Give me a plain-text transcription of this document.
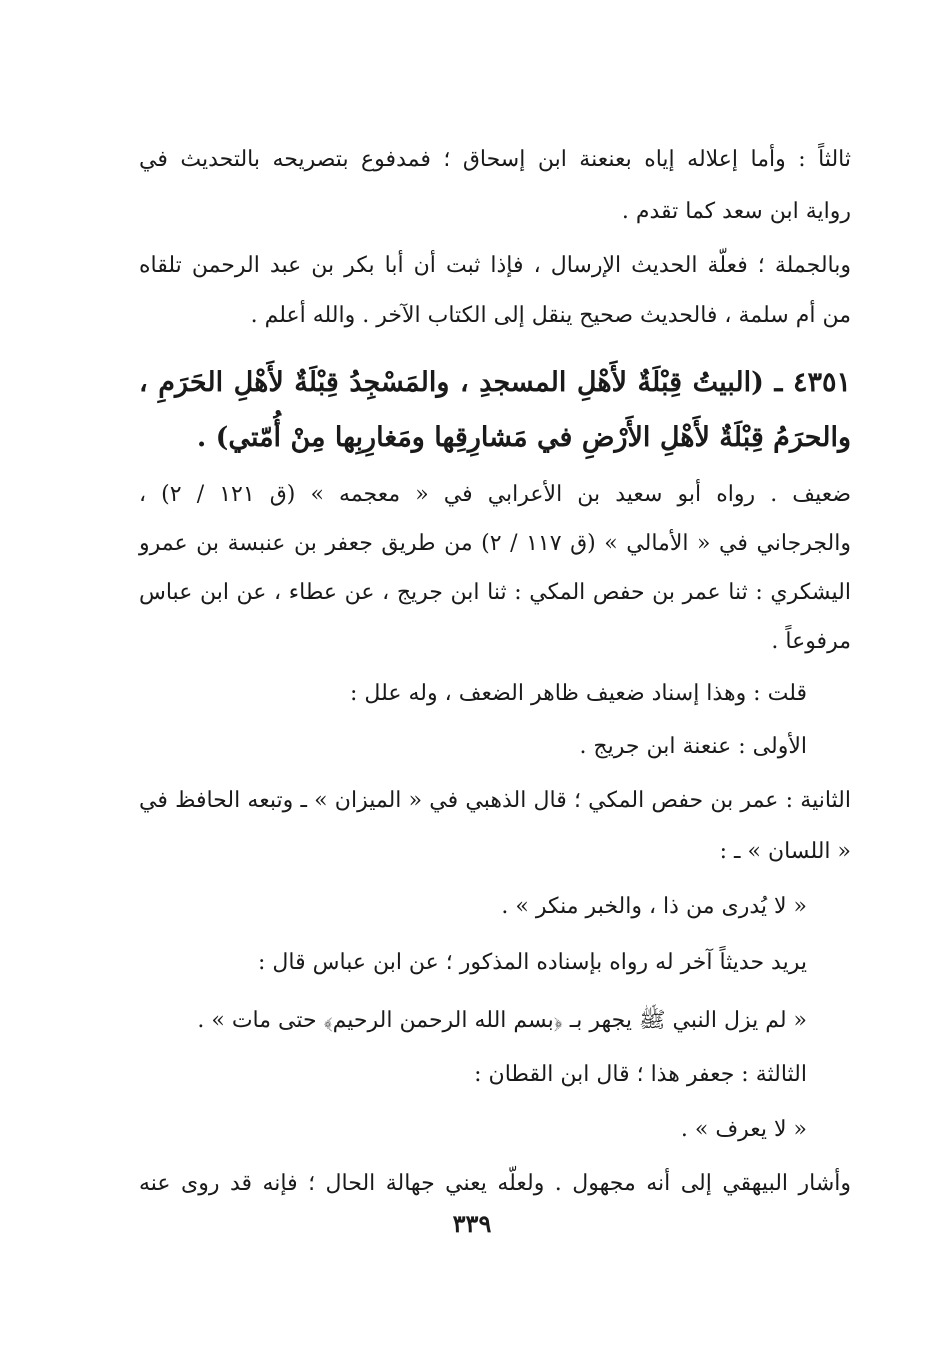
ثالثاً : وأما إعلاله إياه بعنعنة ابن إسحاق ؛ فمدفوع بتصريحه بالتحديث في
رواية ابن سعد كما تقدم .
وبالجملة ؛ فعلّة الحديث الإرسال ، فإذا ثبت أن أبا بكر بن عبد الرحمن تلقاه
من أم سلمة ، فالحديث صحيح ينقل إلى الكتاب الآخر . والله أعلم .
٤٣٥١ ـ (البيتُ قِبْلَةٌ لأَهْلِ المسجدِ ، والمَسْجِدُ قِبْلَةٌ لأَهْلِ الحَرَمِ ،
والحرَمُ قِبْلَةٌ لأَهْلِ الأَرْضِ في مَشارِقِها ومَغارِبِها مِنْ أُمّتي) .
ضعيف . رواه أبو سعيد بن الأعرابي في « معجمه » (ق ١٢١ / ٢) ،
والجرجاني في « الأمالي » (ق ١١٧ / ٢) من طريق جعفر بن عنبسة بن عمرو
اليشكري : ثنا عمر بن حفص المكي : ثنا ابن جريج ، عن عطاء ، عن ابن عباس
مرفوعاً .
قلت : وهذا إسناد ضعيف ظاهر الضعف ، وله علل :
الأولى : عنعنة ابن جريج .
الثانية : عمر بن حفص المكي ؛ قال الذهبي في « الميزان » ـ وتبعه الحافظ في
« اللسان » ـ :
« لا يُدرى من ذا ، والخبر منكر » .
يريد حديثاً آخر له رواه بإسناده المذكور ؛ عن ابن عباس قال :
« لم يزل النبي ﷺ يجهر بـ ﴿بسم الله الرحمن الرحيم﴾ حتى مات » .
الثالثة : جعفر هذا ؛ قال ابن القطان :
« لا يعرف » .
وأشار البيهقي إلى أنه مجهول . ولعلّه يعني جهالة الحال ؛ فإنه قد روى عنه
٣٣٩
